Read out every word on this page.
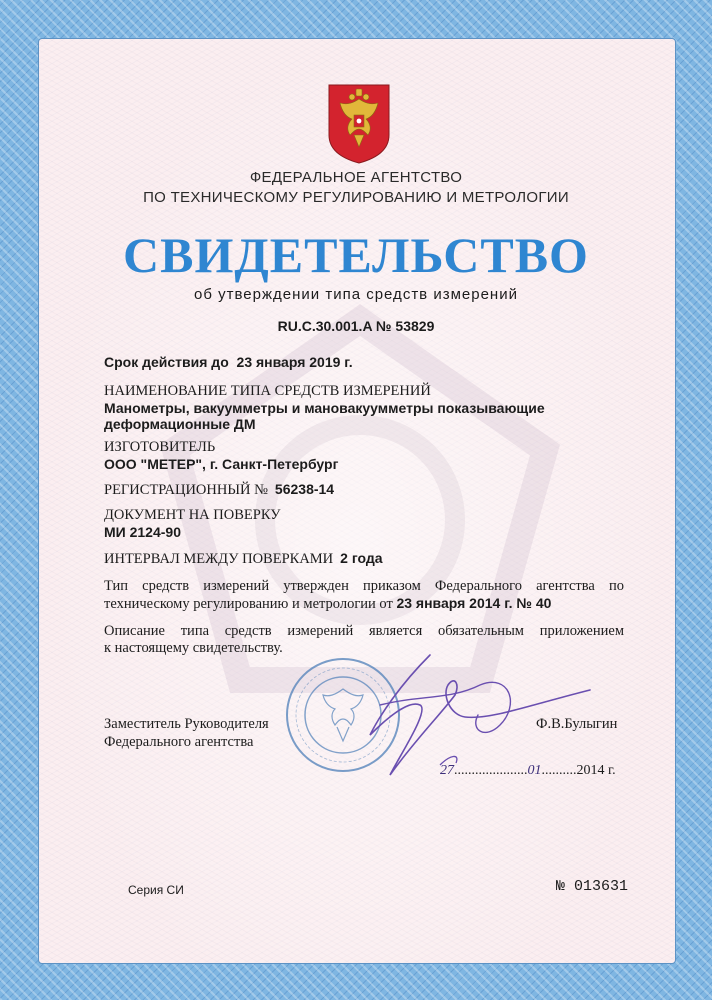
ФЕДЕРАЛЬНОЕ АГЕНТСТВО
ПО ТЕХНИЧЕСКОМУ РЕГУЛИРОВАНИЮ И МЕТРОЛОГИИ
СВИДЕТЕЛЬСТВО
об утверждении типа средств измерений
RU.C.30.001.A № 53829
Срок действия до 23 января 2019 г.
НАИМЕНОВАНИЕ ТИПА СРЕДСТВ ИЗМЕРЕНИЙ
Манометры, вакуумметры и мановакуумметры показывающие
деформационные ДМ
ИЗГОТОВИТЕЛЬ
ООО "МЕТЕР", г. Санкт-Петербург
РЕГИСТРАЦИОННЫЙ № 56238-14
ДОКУМЕНТ НА ПОВЕРКУ
МИ 2124-90
ИНТЕРВАЛ МЕЖДУ ПОВЕРКАМИ 2 года
Тип средств измерений утвержден приказом Федерального агентства по
техническому регулированию и метрологии от 23 января 2014 г. № 40
Описание типа средств измерений является обязательным приложением
к настоящему свидетельству.
Заместитель Руководителя
Федерального агентства
Ф.В.Булыгин
27.....................01..........2014 г.
Серия СИ	№ 013631
